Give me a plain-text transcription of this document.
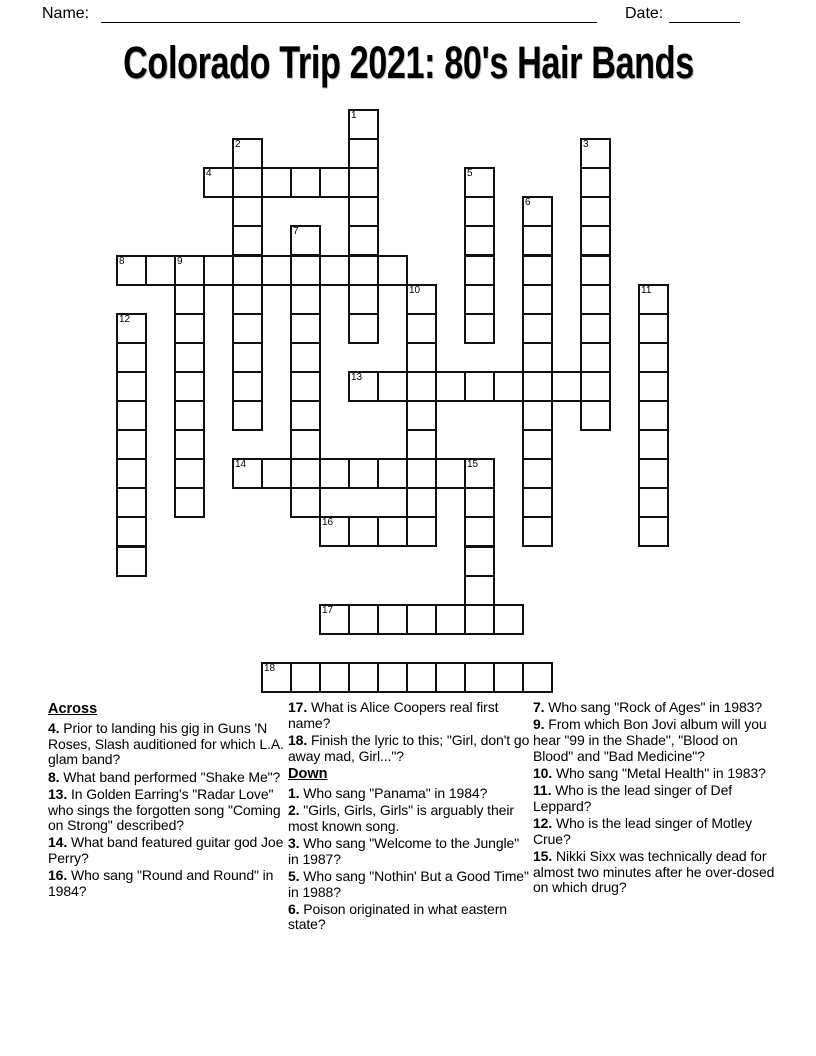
Name:	Date:
Colorado Trip 2021: 80's Hair Bands
1
2	3
4	5
6
7
8	9
10	11
12
13
14	15
16
17
18

Across

4. Prior to landing his gig in Guns 'N Roses, Slash auditioned for which L.A. glam band?

8. What band performed "Shake Me"?

13. In Golden Earring's "Radar Love" who sings the forgotten song "Coming on Strong" described?

14. What band featured guitar god Joe Perry?

16. Who sang "Round and Round" in 1984?

17. What is Alice Coopers real first name?

18. Finish the lyric to this; "Girl, don't go away mad, Girl..."?

Down

1. Who sang "Panama" in 1984?

2. "Girls, Girls, Girls" is arguably their most known song.

3. Who sang "Welcome to the Jungle" in 1987?

5. Who sang "Nothin' But a Good Time" in 1988?

6. Poison originated in what eastern state?

7. Who sang "Rock of Ages" in 1983?

9. From which Bon Jovi album will you hear "99 in the Shade", "Blood on Blood" and "Bad Medicine"?

10. Who sang "Metal Health" in 1983?

11. Who is the lead singer of Def Leppard?

12. Who is the lead singer of Motley Crue?

15. Nikki Sixx was technically dead for almost two minutes after he over-dosed on which drug?
